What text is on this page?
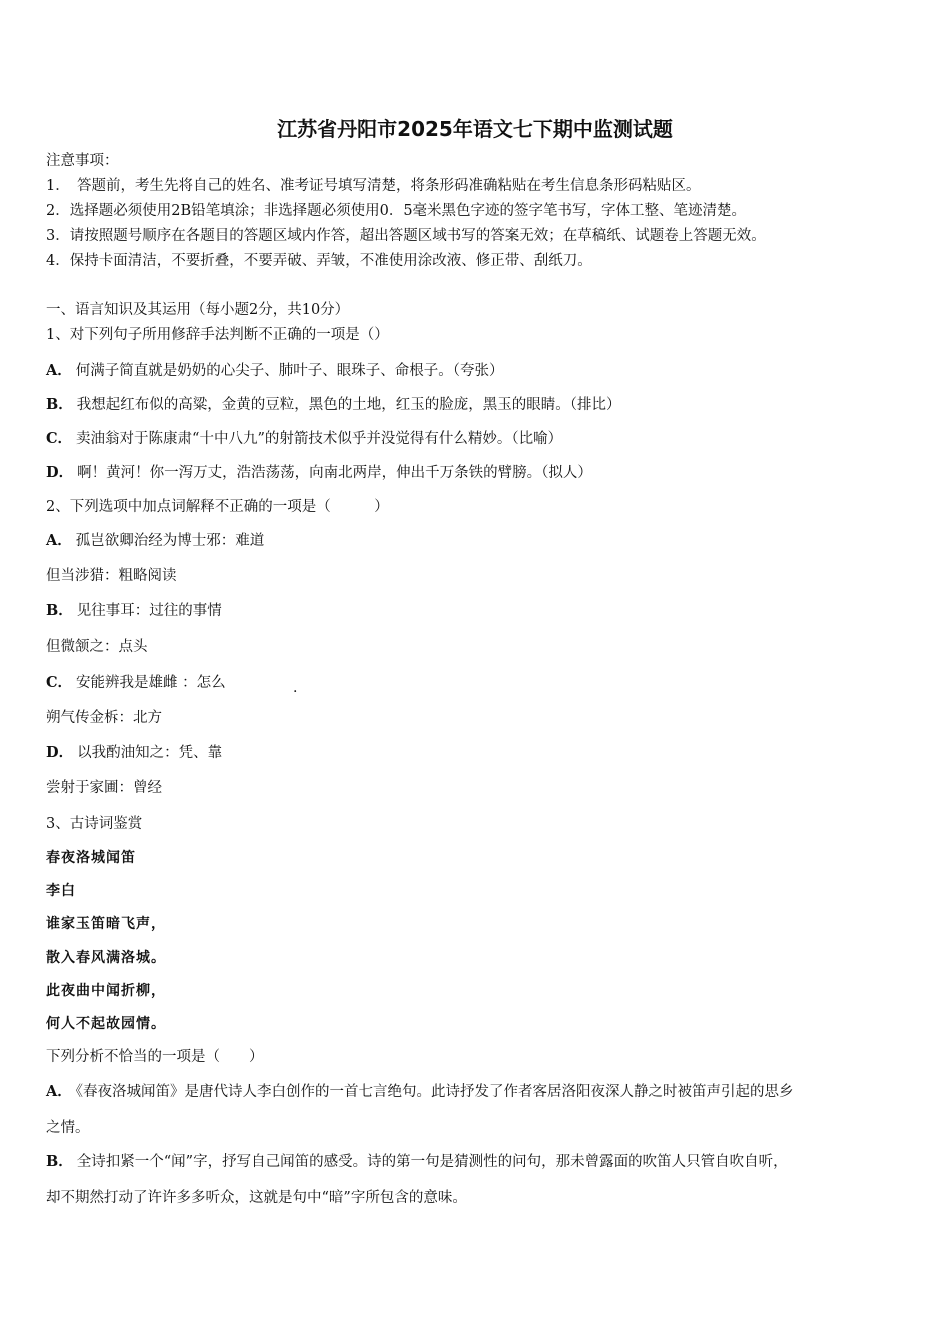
江苏省丹阳市2025年语文七下期中监测试题
注意事项：
1．　答题前，考生先将自己的姓名、准考证号填写清楚，将条形码准确粘贴在考生信息条形码粘贴区。
2．选择题必须使用2B铅笔填涂；非选择题必须使用0．5毫米黑色字迹的签字笔书写，字体工整、笔迹清楚。
3．请按照题号顺序在各题目的答题区域内作答，超出答题区域书写的答案无效；在草稿纸、试题卷上答题无效。
4．保持卡面清洁，不要折叠，不要弄破、弄皱，不准使用涂改液、修正带、刮纸刀。
一、语言知识及其运用（每小题2分，共10分）
1、对下列句子所用修辞手法判断不正确的一项是（）
A． 何满子简直就是奶奶的心尖子、肺叶子、眼珠子、命根子。（夸张）
B． 我想起红布似的高粱，金黄的豆粒，黑色的土地，红玉的脸庞，黑玉的眼睛。（排比）
C． 卖油翁对于陈康肃“十中八九”的射箭技术似乎并没觉得有什么精妙。（比喻）
D． 啊！黄河！你一泻万丈，浩浩荡荡，向南北两岸，伸出千万条铁的臂膀。（拟人）
2、下列选项中加点词解释不正确的一项是（　　　）
A． 孤岂欲卿治经为博士邪：难道
但当涉猎：粗略阅读
B． 见往事耳：过往的事情
但微颔之：点头
C． 安能辨我是雄雌 ：怎么	.
朔气传金柝：北方
D． 以我酌油知之：凭、靠
尝射于家圃：曾经
3、古诗词鉴赏
春夜洛城闻笛
李白
谁家玉笛暗飞声，
散入春风满洛城。
此夜曲中闻折柳，
何人不起故园情。
下列分析不恰当的一项是（　　）
A． 《春夜洛城闻笛》是唐代诗人李白创作的一首七言绝句。此诗抒发了作者客居洛阳夜深人静之时被笛声引起的思乡
之情。
B． 全诗扣紧一个“闻”字，抒写自己闻笛的感受。诗的第一句是猜测性的问句，那未曾露面的吹笛人只管自吹自听，
却不期然打动了许许多多听众，这就是句中“暗”字所包含的意味。
